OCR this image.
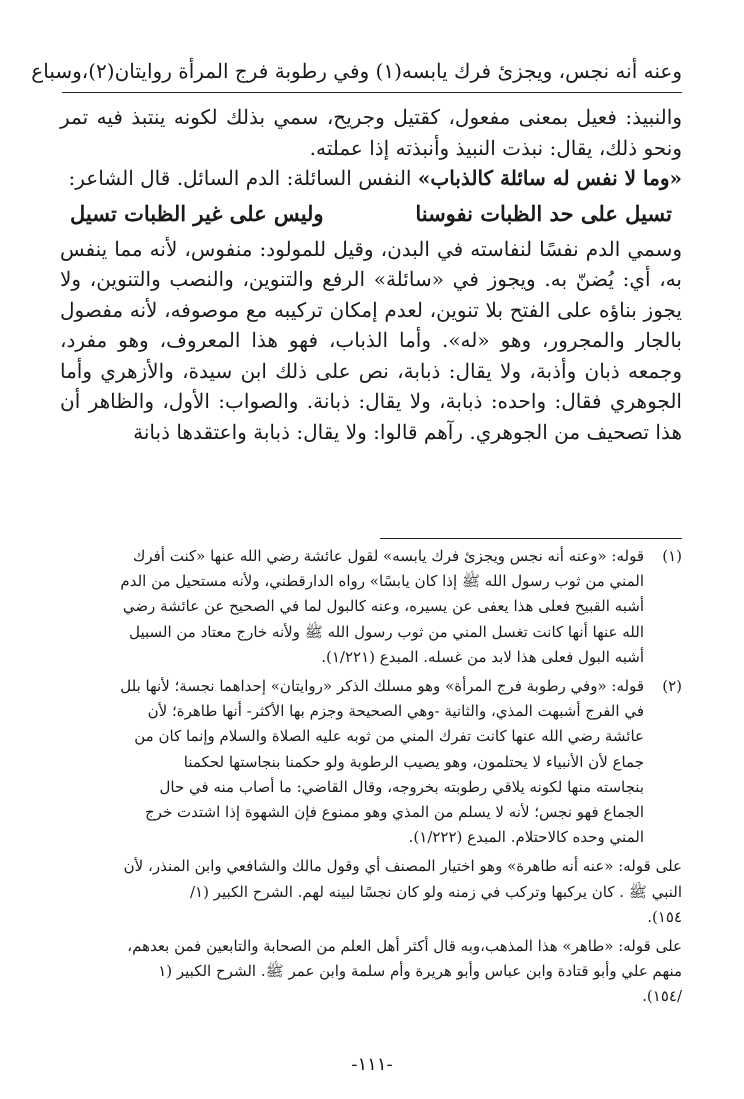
وعنه أنه نجس، ويجزئ فرك يابسه(١) وفي رطوبة فرج المرأة روايتان(٢)،وسباع

والنبيذ: فعيل بمعنى مفعول، كقتيل وجريح، سمي بذلك لكونه ينتبذ فيه تمر ونحو ذلك، يقال: نبذت النبيذ وأنبذته إذا عملته.

«وما لا نفس له سائلة كالذباب» النفس السائلة: الدم السائل. قال الشاعر:

تسيل على حد الظبات نفوسنا
وليس على غير الظبات تسيل

وسمي الدم نفسًا لنفاسته في البدن، وقيل للمولود: منفوس، لأنه مما ينفس به، أي: يُضنّ به. ويجوز في «سائلة» الرفع والتنوين، والنصب والتنوين، ولا يجوز بناؤه على الفتح بلا تنوين، لعدم إمكان تركيبه مع موصوفه، لأنه مفصول بالجار والمجرور، وهو «له». وأما الذباب، فهو هذا المعروف، وهو مفرد، وجمعه ذبان وأذبة، ولا يقال: ذبابة، نص على ذلك ابن سيدة، والأزهري وأما الجوهري فقال: واحده: ذبابة، ولا يقال: ذبانة. والصواب: الأول، والظاهر أن هذا تصحيف من الجوهري. رآهم قالوا: ولا يقال: ذبابة واعتقدها ذبانة

(١)
قوله: «وعنه أنه نجس ويجزئ فرك يابسه» لقول عائشة رضي الله عنها «كنت أفرك
المني من ثوب رسول الله ﷺ إذا كان يابسًا» رواه الدارقطني، ولأنه مستحيل من الدم
أشبه القبيح فعلى هذا يعفى عن يسيره، وعنه كالبول لما في الصحيح عن عائشة رضي
الله عنها أنها كانت تغسل المني من ثوب رسول الله ﷺ ولأنه خارج معتاد من السبيل
أشبه البول فعلى هذا لابد من غسله. المبدع (١/٢٢١).
(٢)
قوله: «وفي رطوبة فرج المرأة» وهو مسلك الذكر «روايتان» إحداهما نجسة؛ لأنها بلل
في الفرج أشبهت المذي، والثانية -وهي الصحيحة وجزم بها الأكثر- أنها طاهرة؛ لأن
عائشة رضي الله عنها كانت تفرك المني من ثوبه عليه الصلاة والسلام وإنما كان من
جماع لأن الأنبياء لا يحتلمون، وهو يصيب الرطوبة ولو حكمنا بنجاستها لحكمنا
بنجاسته منها لكونه يلاقي رطوبته بخروجه، وقال القاضي: ما أصاب منه في حال
الجماع فهو نجس؛ لأنه لا يسلم من المذي وهو ممنوع فإن الشهوة إذا اشتدت خرج
المني وحده كالاحتلام. المبدع (١/٢٢٢).
على قوله: «عنه أنه طاهرة» وهو اختيار المصنف أي وقول مالك والشافعي وابن المنذر، لأن
النبي ﷺ . كان يركبها وتركب في زمنه ولو كان نجسًا لبينه لهم. الشرح الكبير (١/
١٥٤).
على قوله: «طاهر» هذا المذهب،وبه قال أكثر أهل العلم من الصحابة والتابعين فمن بعدهم،
منهم علي وأبو قتادة وابن عباس وأبو هريرة وأم سلمة وابن عمر ﷺ. الشرح الكبير (١
/١٥٤).
-١١١-
